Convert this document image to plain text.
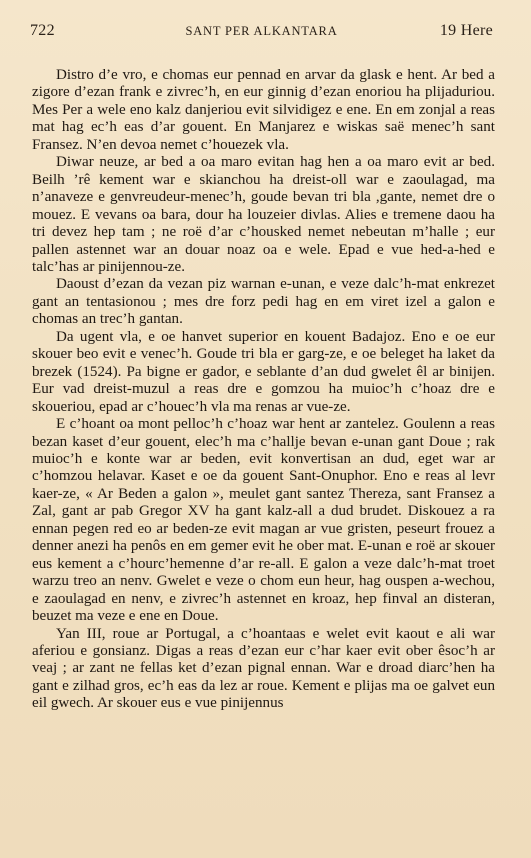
722	SANT PER ALKANTARA	19 Here

Distro d’e vro, e chomas eur pennad en arvar da glask e hent. Ar bed a zigore d’ezan frank e zivrec’h, en eur ginnig d’ezan enoriou ha plijaduriou. Mes Per a wele eno kalz danjeriou evit silvidigez e ene. En em zonjal a reas mat hag ec’h eas d’ar gouent. En Manjarez e wiskas saë menec’h sant Fransez. N’en devoa nemet c’houezek vla.

Diwar neuze, ar bed a oa maro evitan hag hen a oa maro evit ar bed. Beilh ’rê kement war e skianchou ha dreist-oll war e zaoulagad, ma n’anaveze e genvreudeur-menec’h, goude bevan tri bla ,gante, nemet dre o mouez. E vevans oa bara, dour ha louzeier divlas. Alies e tremene daou ha tri devez hep tam ; ne roë d’ar c’housked nemet nebeutan m’halle ; eur pallen astennet war an douar noaz oa e wele. Epad e vue hed-a-hed e talc’has ar pinijennou-ze.

Daoust d’ezan da vezan piz warnan e-unan, e veze dalc’h-mat enkrezet gant an tentasionou ; mes dre forz pedi hag en em viret izel a galon e chomas an trec’h gantan.

Da ugent vla, e oe hanvet superior en kouent Badajoz. Eno e oe eur skouer beo evit e venec’h. Goude tri bla er garg-ze, e oe beleget ha laket da brezek (1524). Pa bigne er gador, e seblante d’an dud gwelet êl ar binijen. Eur vad dreist-muzul a reas dre e gomzou ha muioc’h c’hoaz dre e skoueriou, epad ar c’houec’h vla ma renas ar vue-ze.

E c’hoant oa mont pelloc’h c’hoaz war hent ar zantelez. Goulenn a reas bezan kaset d’eur gouent, elec’h ma c’hallje bevan e-unan gant Doue ; rak muioc’h e konte war ar beden, evit konvertisan an dud, eget war ar c’homzou helavar. Kaset e oe da gouent Sant-Onuphor. Eno e reas al levr kaer-ze, « Ar Beden a galon », meulet gant santez Thereza, sant Fransez a Zal, gant ar pab Gregor XV ha gant kalz-all a dud brudet. Diskouez a ra ennan pegen red eo ar beden-ze evit magan ar vue gristen, peseurt frouez a denner anezi ha penôs en em gemer evit he ober mat. E-unan e roë ar skouer eus kement a c’hourc’hemenne d’ar re-all. E galon a veze dalc’h-mat troet warzu treo an nenv. Gwelet e veze o chom eun heur, hag ouspen a-wechou, e zaoulagad en nenv, e zivrec’h astennet en kroaz, hep finval an disteran, beuzet ma veze e ene en Doue.

Yan III, roue ar Portugal, a c’hoantaas e welet evit kaout e ali war aferiou e gonsianz. Digas a reas d’ezan eur c’har kaer evit ober êsoc’h ar veaj ; ar zant ne fellas ket d’ezan pignal ennan. War e droad diarc’hen ha gant e zilhad gros, ec’h eas da lez ar roue. Kement e plijas ma oe galvet eun eil gwech. Ar skouer eus e vue pinijennus
